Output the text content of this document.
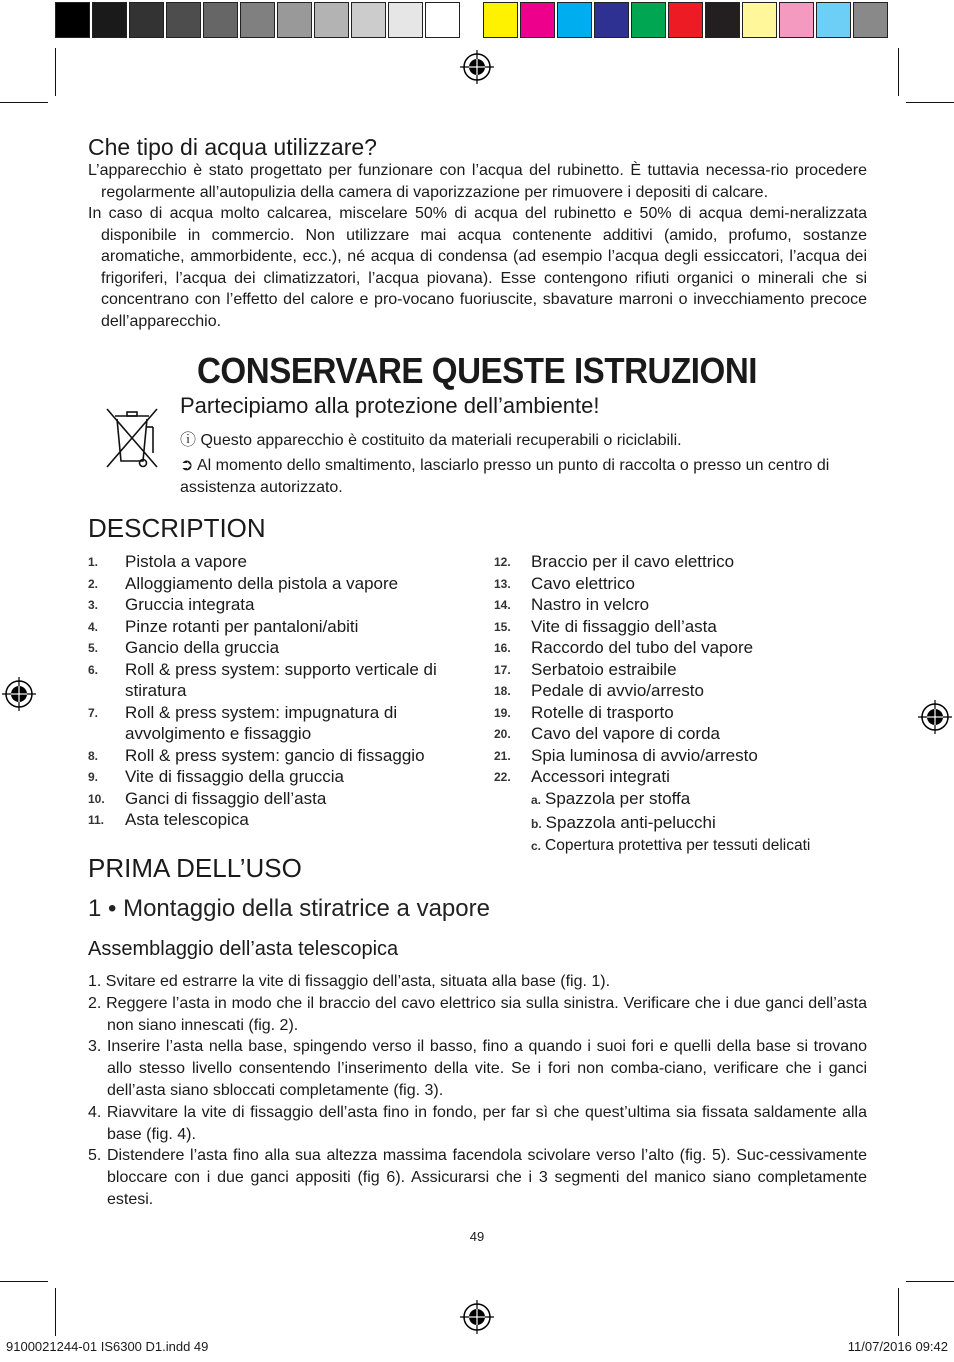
Che tipo di acqua utilizzare?

L’apparecchio è stato progettato per funzionare con l’acqua del rubinetto. È tuttavia necessa-rio procedere regolarmente all’autopulizia della camera di vaporizzazione per rimuovere i depositi di calcare.

In caso di acqua molto calcarea, miscelare 50% di acqua del rubinetto e 50% di acqua demi-neralizzata disponibile in commercio. Non utilizzare mai acqua contenente additivi (amido, profumo, sostanze aromatiche, ammorbidente, ecc.), né acqua di condensa (ad esempio l’acqua degli essiccatori, l’acqua dei frigoriferi, l’acqua dei climatizzatori, l’acqua piovana). Esse contengono rifiuti organici o minerali che si concentrano con l’effetto del calore e pro-vocano fuoriuscite, sbavature marroni o invecchiamento precoce dell’apparecchio.

CONSERVARE QUESTE ISTRUZIONI
Partecipiamo alla protezione dell’ambiente!
ⓘ Questo apparecchio è costituito da materiali recuperabili o riciclabili.
➲ Al momento dello smaltimento, lasciarlo presso un punto di raccolta o presso un centro di assistenza autorizzato.
DESCRIPTION
1. Pistola a vapore
2. Alloggiamento della pistola a vapore
3. Gruccia integrata
4. Pinze rotanti per pantaloni/abiti
5. Gancio della gruccia
6. Roll & press system: supporto verticale di stiratura
7. Roll & press system: impugnatura di avvolgimento e fissaggio
8. Roll & press system: gancio di fissaggio
9. Vite di fissaggio della gruccia
10. Ganci di fissaggio dell’asta
11. Asta telescopica
12. Braccio per il cavo elettrico
13. Cavo elettrico
14. Nastro in velcro
15. Vite di fissaggio dell’asta
16. Raccordo del tubo del vapore
17. Serbatoio estraibile
18. Pedale di avvio/arresto
19. Rotelle di trasporto
20. Cavo del vapore di corda
21. Spia luminosa di avvio/arresto
22. Accessori integrati
a. Spazzola per stoffa
b. Spazzola anti-pelucchi
c. Copertura protettiva per tessuti delicati
PRIMA DELL’USO
1 • Montaggio della stiratrice a vapore
Assemblaggio dell’asta telescopica

1. Svitare ed estrarre la vite di fissaggio dell’asta, situata alla base (fig. 1).

2. Reggere l’asta in modo che il braccio del cavo elettrico sia sulla sinistra. Verificare che i due ganci dell’asta non siano innescati (fig. 2).

3. Inserire l’asta nella base, spingendo verso il basso, fino a quando i suoi fori e quelli della base si trovano allo stesso livello consentendo l’inserimento della vite. Se i fori non comba-ciano, verificare che i ganci dell’asta siano sbloccati completamente (fig. 3).

4. Riavvitare la vite di fissaggio dell’asta fino in fondo, per far sì che quest’ultima sia fissata saldamente alla base (fig. 4).

5. Distendere l’asta fino alla sua altezza massima facendola scivolare verso l’alto (fig. 5). Suc-cessivamente bloccare con i due ganci appositi (fig 6). Assicurarsi che i 3 segmenti del manico siano completamente estesi.

49
9100021244-01 IS6300 D1.indd 49	11/07/2016 09:42
